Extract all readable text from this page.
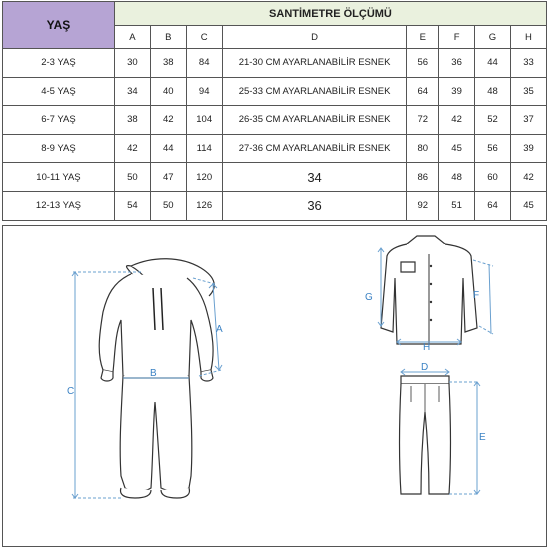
YAŞ	SANTİMETRE ÖLÇÜMÜ							
	A	B	C	D	E	F	G	H
2-3 YAŞ	30	38	84	21-30 CM AYARLANABİLİR ESNEK	56	36	44	33
4-5 YAŞ	34	40	94	25-33 CM AYARLANABİLİR ESNEK	64	39	48	35
6-7 YAŞ	38	42	104	26-35 CM AYARLANABİLİR ESNEK	72	42	52	37
8-9 YAŞ	42	44	114	27-36 CM AYARLANABİLİR ESNEK	80	45	56	39
10-11 YAŞ	50	47	120	34	86	48	60	42
12-13 YAŞ	54	50	126	36	92	51	64	45
A
B
C
G	F
H
D
E
